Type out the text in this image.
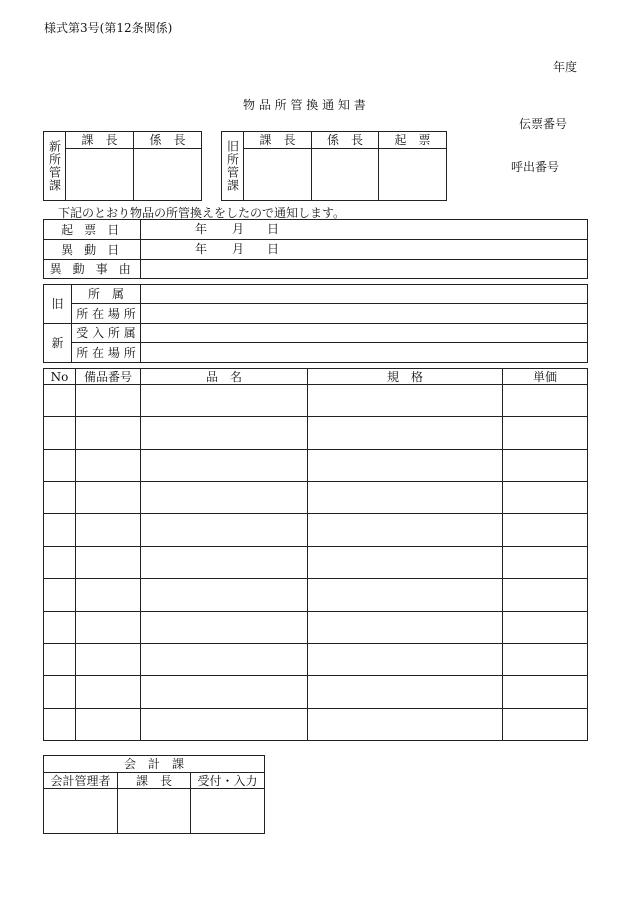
様式第3号(第12条関係)
年度
物 品 所 管 換 通 知 書
伝票番号
呼出番号
新所管課	課　長	係　長
		旧所管課	課　長	係　長	起　票

下記のとおり物品の所管換えをしたので通知します。
起 票 日	年 月 日

異 動 日	年 月 日

異 動 事 由	
旧	所　属	
	所 在 場 所	
新	受 入 所 属	
	所 在 場 所	
No	備品番号	品　名	規　格	単価

会　計　課		
会計管理者	課　長	受付・入力
